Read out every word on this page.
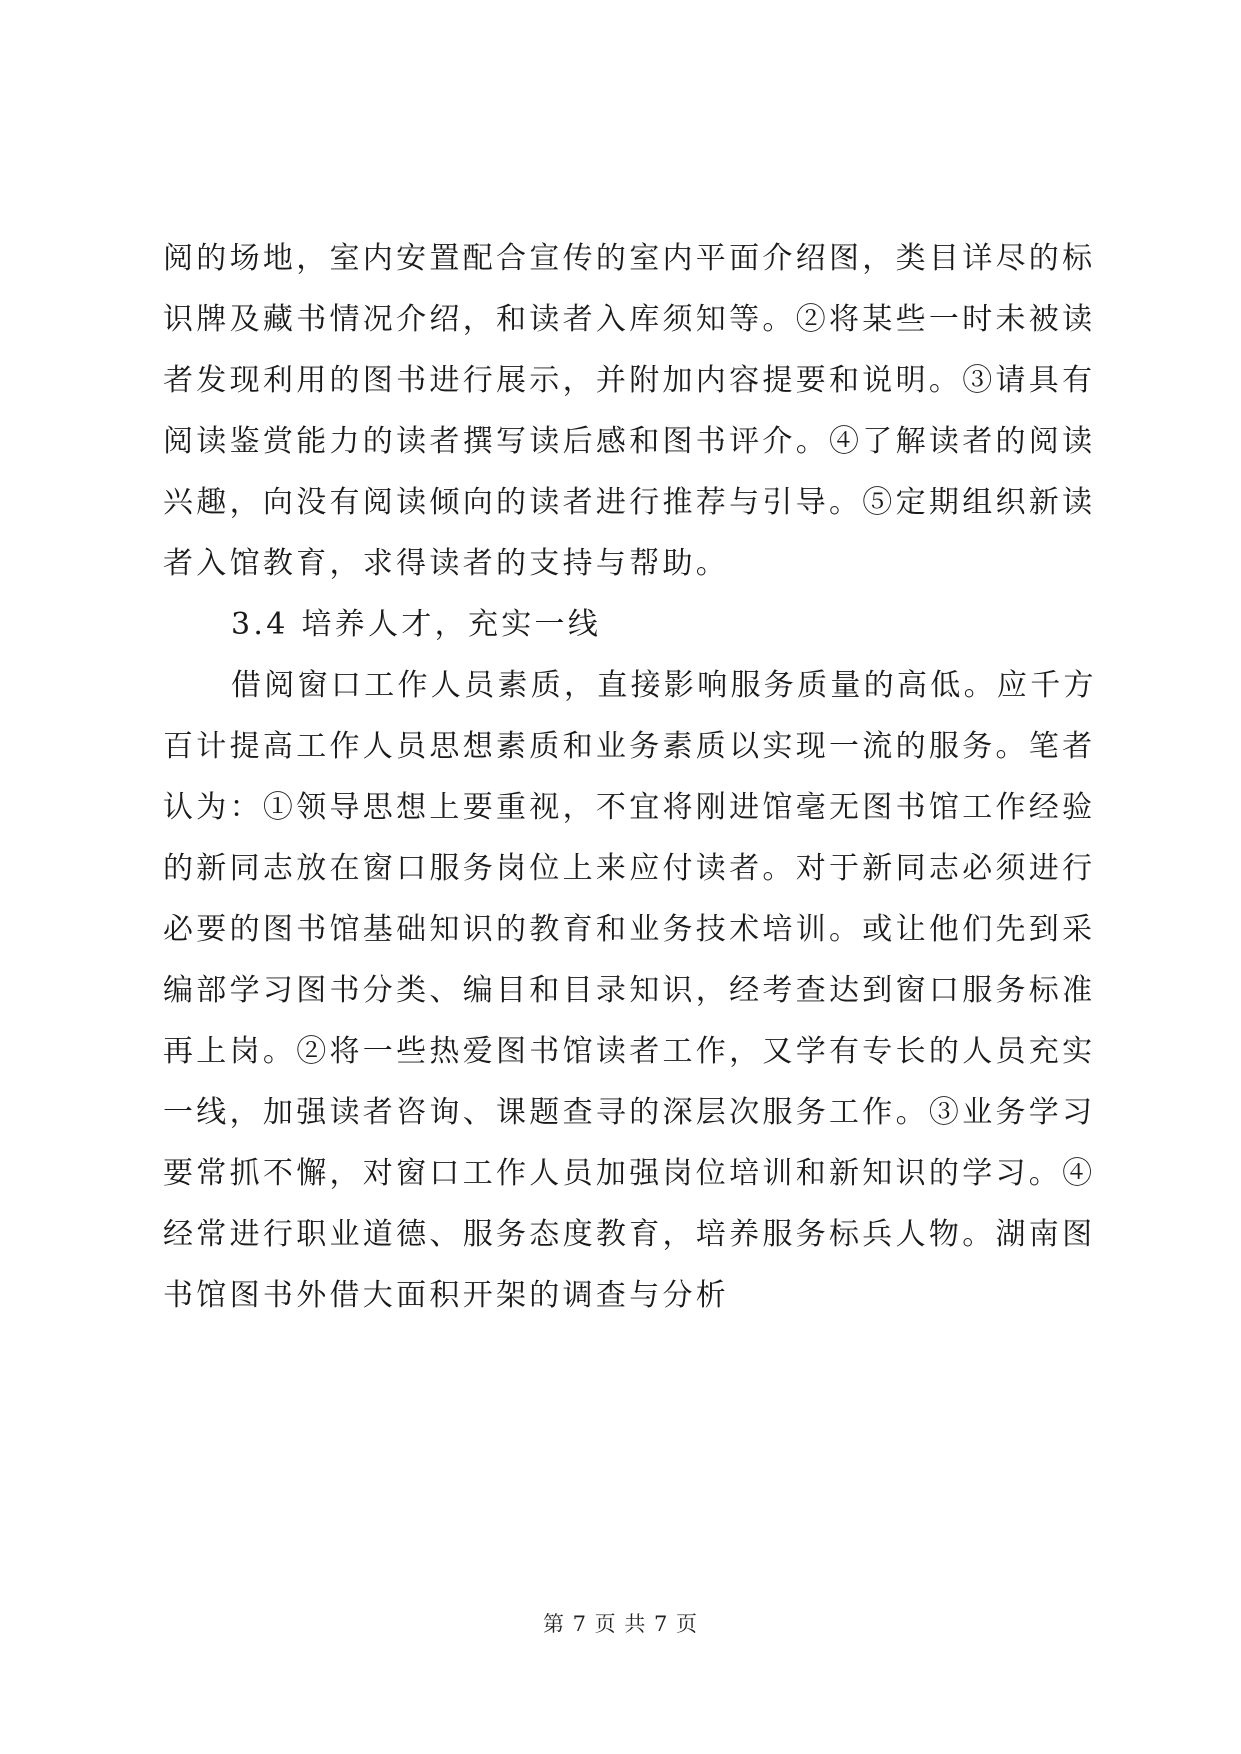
阅的场地，室内安置配合宣传的室内平面介绍图，类目详尽的标
识牌及藏书情况介绍，和读者入库须知等。②将某些一时未被读
者发现利用的图书进行展示，并附加内容提要和说明。③请具有
阅读鉴赏能力的读者撰写读后感和图书评介。④了解读者的阅读
兴趣，向没有阅读倾向的读者进行推荐与引导。⑤定期组织新读
者入馆教育，求得读者的支持与帮助。
3.4 培养人才，充实一线
借阅窗口工作人员素质，直接影响服务质量的高低。应千方
百计提高工作人员思想素质和业务素质以实现一流的服务。笔者
认为：①领导思想上要重视，不宜将刚进馆毫无图书馆工作经验
的新同志放在窗口服务岗位上来应付读者。对于新同志必须进行
必要的图书馆基础知识的教育和业务技术培训。或让他们先到采
编部学习图书分类、编目和目录知识，经考查达到窗口服务标准
再上岗。②将一些热爱图书馆读者工作，又学有专长的人员充实
一线，加强读者咨询、课题查寻的深层次服务工作。③业务学习
要常抓不懈，对窗口工作人员加强岗位培训和新知识的学习。④
经常进行职业道德、服务态度教育，培养服务标兵人物。湖南图
书馆图书外借大面积开架的调查与分析
第 7 页 共 7 页
